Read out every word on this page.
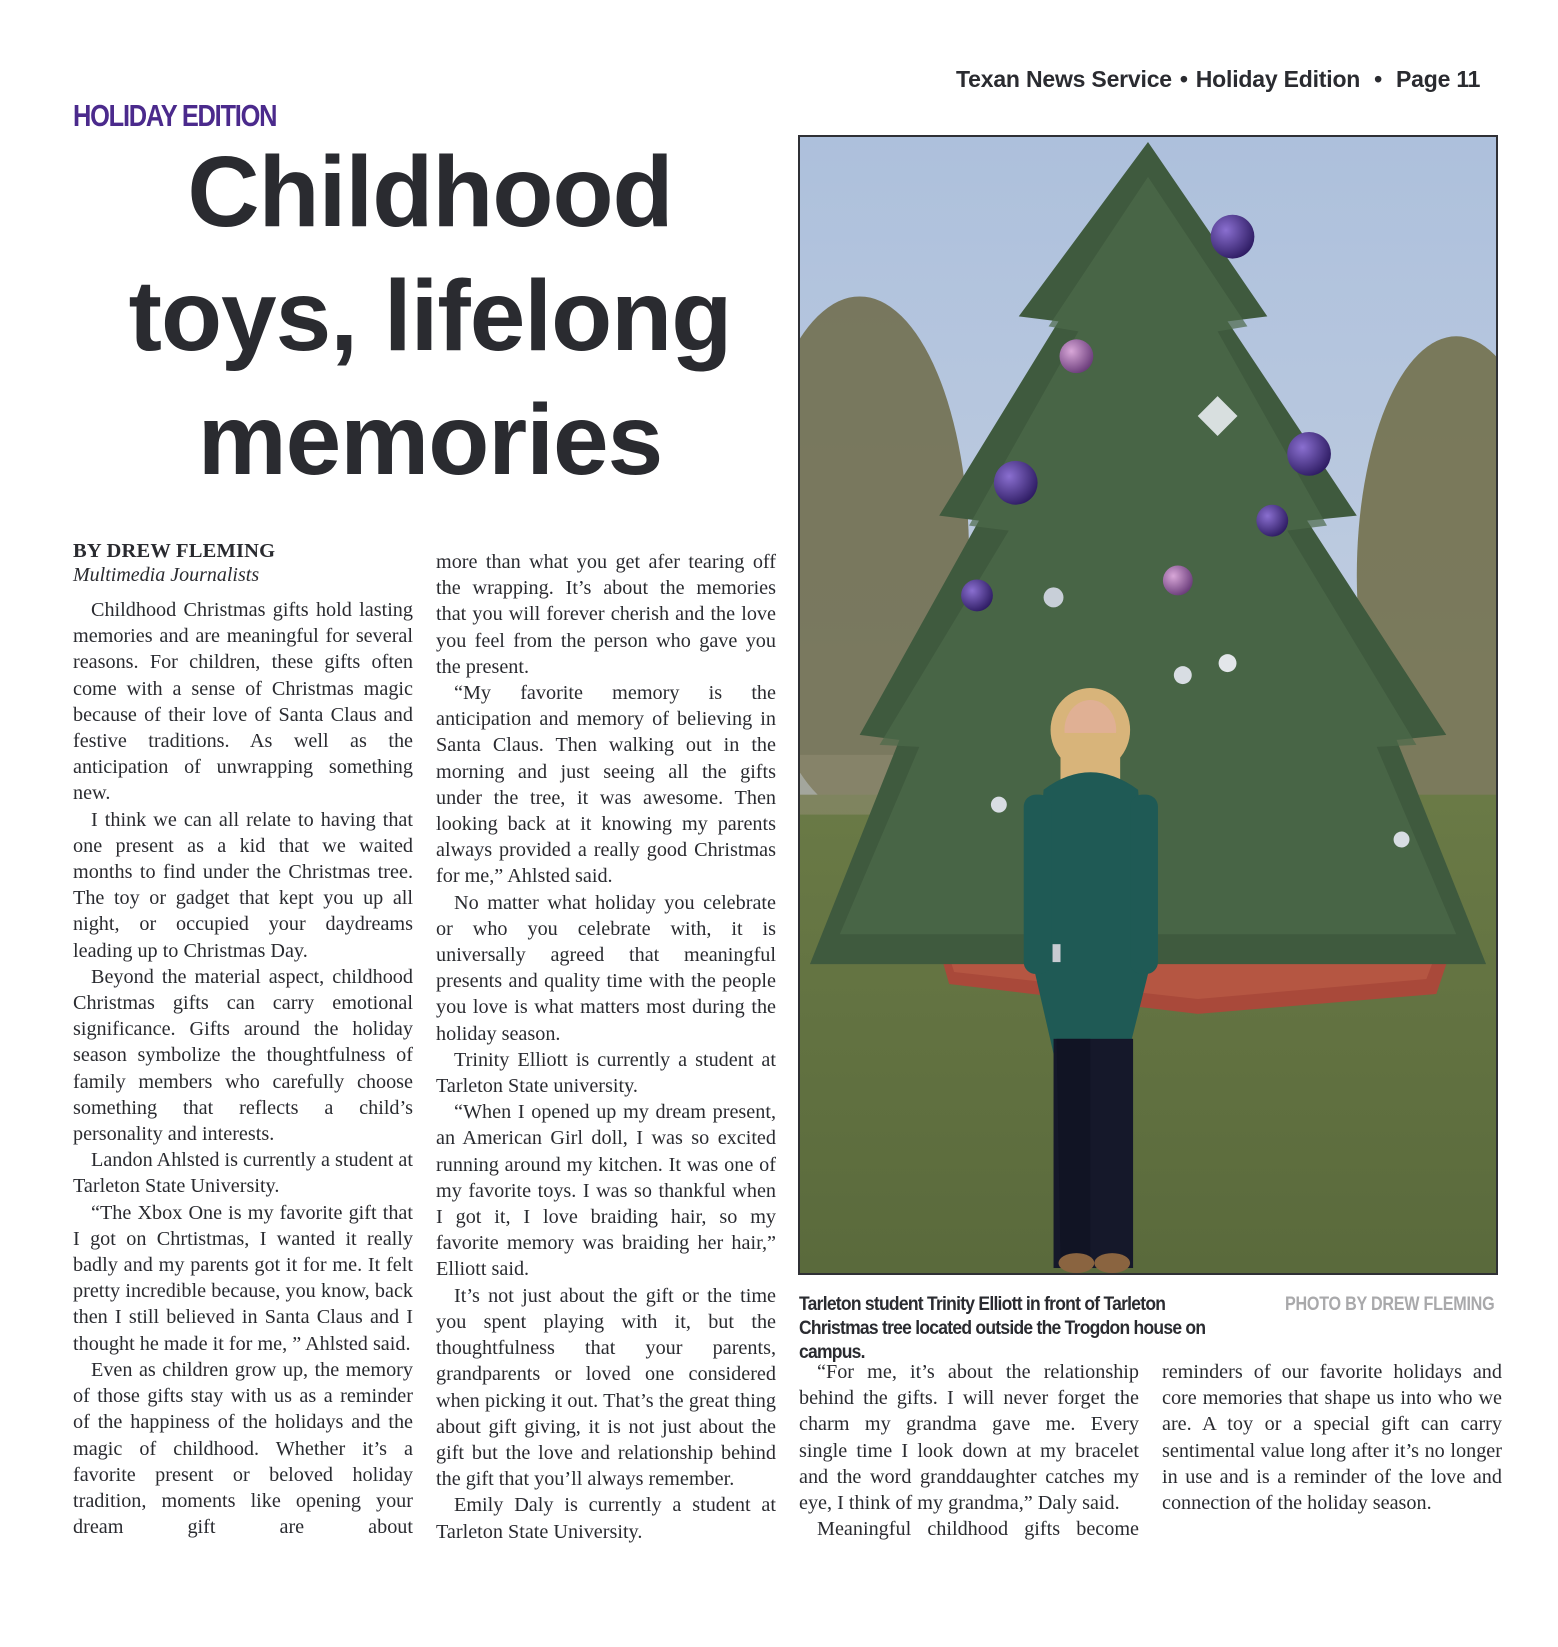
Texan News Service • Holiday Edition • Page 11
HOLIDAY EDITION
Childhood
toys, lifelong
memories
BY DREW FLEMING
Multimedia Journalists

Childhood Christmas gifts hold lasting memories and are meaningful for several reasons. For children, these gifts often come with a sense of Christmas magic because of their love of Santa Claus and festive traditions. As well as the anticipation of unwrapping something new.

I think we can all relate to having that one present as a kid that we waited months to find under the Christmas tree. The toy or gadget that kept you up all night, or occupied your daydreams leading up to Christmas Day.

Beyond the material aspect, childhood Christmas gifts can carry emotional significance. Gifts around the holiday season symbolize the thoughtfulness of family members who carefully choose something that reflects a child’s personality and interests.

Landon Ahlsted is currently a student at Tarleton State University.

“The Xbox One is my favorite gift that I got on Chrtistmas, I wanted it really badly and my parents got it for me. It felt pretty incredible because, you know, back then I still believed in Santa Claus and I thought he made it for me, ” Ahlsted said.

Even as children grow up, the memory of those gifts stay with us as a reminder of the happiness of the holidays and the magic of childhood. Whether it’s a favorite present or beloved holiday tradition, moments like opening your dream gift are about

more than what you get afer tearing off the wrapping. It’s about the memories that you will forever cherish and the love you feel from the person who gave you the present.

“My favorite memory is the anticipation and memory of believing in Santa Claus. Then walking out in the morning and just seeing all the gifts under the tree, it was awesome. Then looking back at it knowing my parents always provided a really good Christmas for me,” Ahlsted said.

No matter what holiday you celebrate or who you celebrate with, it is universally agreed that meaningful presents and quality time with the people you love is what matters most during the holiday season.

Trinity Elliott is currently a student at Tarleton State university.

“When I opened up my dream present, an American Girl doll, I was so excited running around my kitchen. It was one of my favorite toys. I was so thankful when I got it, I love braiding hair, so my favorite memory was braiding her hair,” Elliott said.

It’s not just about the gift or the time you spent playing with it, but the thoughtfulness that your parents, grandparents or loved one considered when picking it out. That’s the great thing about gift giving, it is not just about the gift but the love and relationship behind the gift that you’ll always remember.

Emily Daly is currently a student at Tarleton State University.

Tarleton student Trinity Elliott in front of Tarleton Christmas tree located outside the Trogdon house on campus.
PHOTO BY DREW FLEMING

“For me, it’s about the relationship behind the gifts. I will never forget the charm my grandma gave me. Every single time I look down at my bracelet and the word granddaughter catches my eye, I think of my grandma,” Daly said.

Meaningful childhood gifts become

reminders of our favorite holidays and core memories that shape us into who we are. A toy or a special gift can carry sentimental value long after it’s no longer in use and is a reminder of the love and connection of the holiday season.
